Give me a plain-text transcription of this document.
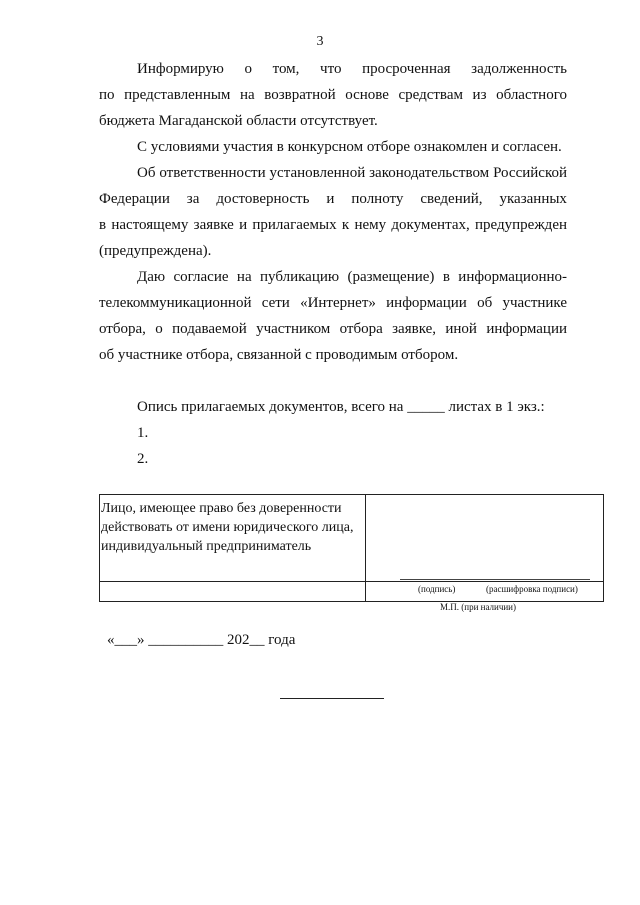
3
Информирую о том, что просроченная задолженность
по представленным на возвратной основе средствам из областного
бюджета Магаданской области отсутствует.
С условиями участия в конкурсном отборе ознакомлен и согласен.
Об ответственности установленной законодательством Российской
Федерации за достоверность и полноту сведений, указанных
в настоящему заявке и прилагаемых к нему документах, предупрежден
(предупреждена).
Даю согласие на публикацию (размещение) в информационно-
телекоммуникационной сети «Интернет» информации об участнике
отбора, о подаваемой участником отбора заявке, иной информации
об участнике отбора, связанной с проводимым отбором.
Опись прилагаемых документов, всего на _____ листах в 1 экз.:
1.
2.
Лицо, имеющее право без доверенности действовать от имени юридического лица, индивидуальный предприниматель
(подпись)	(расшифровка подписи)
М.П. (при наличии)
«___» __________ 202__ года
